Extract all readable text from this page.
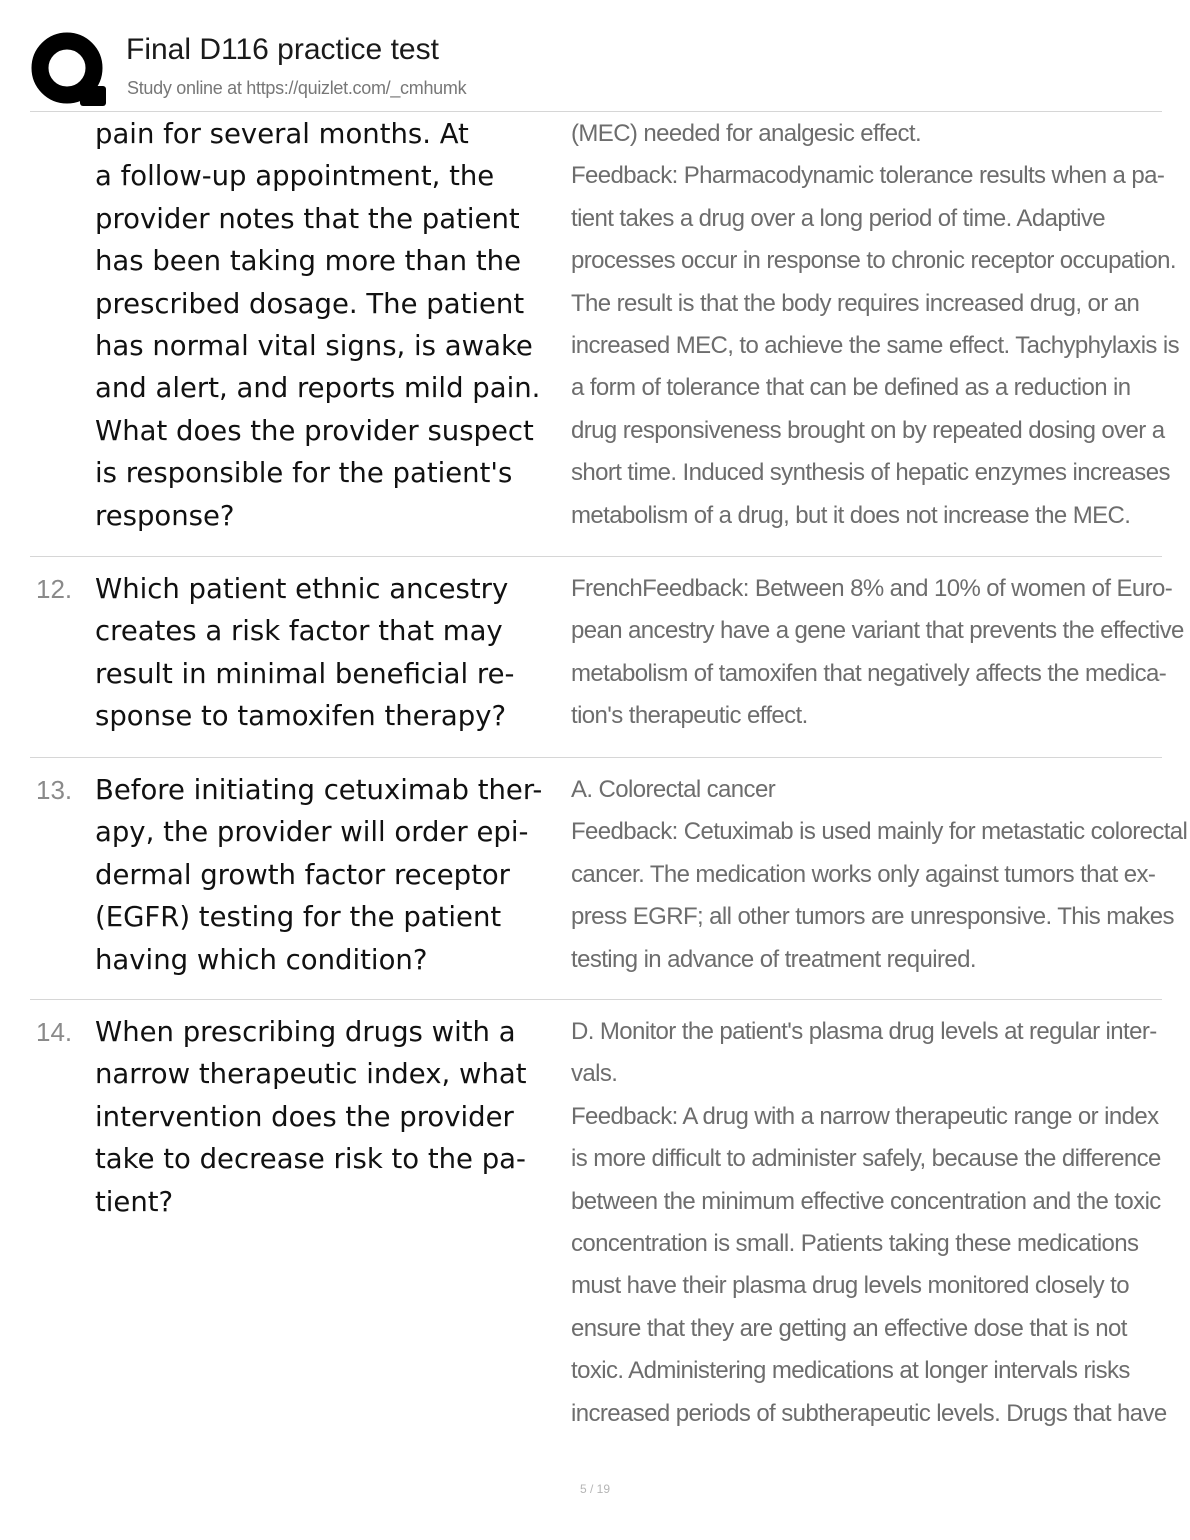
Final D116 practice test
Study online at https://quizlet.com/_cmhumk
pain for several months. At
a follow-up appointment, the
provider notes that the patient
has been taking more than the
prescribed dosage. The patient
has normal vital signs, is awake
and alert, and reports mild pain.
What does the provider suspect
is responsible for the patient's
response?
(MEC) needed for analgesic effect.
Feedback: Pharmacodynamic tolerance results when a pa-
tient takes a drug over a long period of time. Adaptive
processes occur in response to chronic receptor occupation.
The result is that the body requires increased drug, or an
increased MEC, to achieve the same effect. Tachyphylaxis is
a form of tolerance that can be defined as a reduction in
drug responsiveness brought on by repeated dosing over a
short time. Induced synthesis of hepatic enzymes increases
metabolism of a drug, but it does not increase the MEC.
12. Which patient ethnic ancestry
creates a risk factor that may
result in minimal beneficial re-
sponse to tamoxifen therapy?
FrenchFeedback: Between 8% and 10% of women of Euro-
pean ancestry have a gene variant that prevents the effective
metabolism of tamoxifen that negatively affects the medica-
tion's therapeutic effect.
13. Before initiating cetuximab ther-
apy, the provider will order epi-
dermal growth factor receptor
(EGFR) testing for the patient
having which condition?
A. Colorectal cancer
Feedback: Cetuximab is used mainly for metastatic colorectal
cancer. The medication works only against tumors that ex-
press EGRF; all other tumors are unresponsive. This makes
testing in advance of treatment required.
14. When prescribing drugs with a
narrow therapeutic index, what
intervention does the provider
take to decrease risk to the pa-
tient?
D. Monitor the patient's plasma drug levels at regular inter-
vals.
Feedback: A drug with a narrow therapeutic range or index
is more difficult to administer safely, because the difference
between the minimum effective concentration and the toxic
concentration is small. Patients taking these medications
must have their plasma drug levels monitored closely to
ensure that they are getting an effective dose that is not
toxic. Administering medications at longer intervals risks
increased periods of subtherapeutic levels. Drugs that have
5 / 19
